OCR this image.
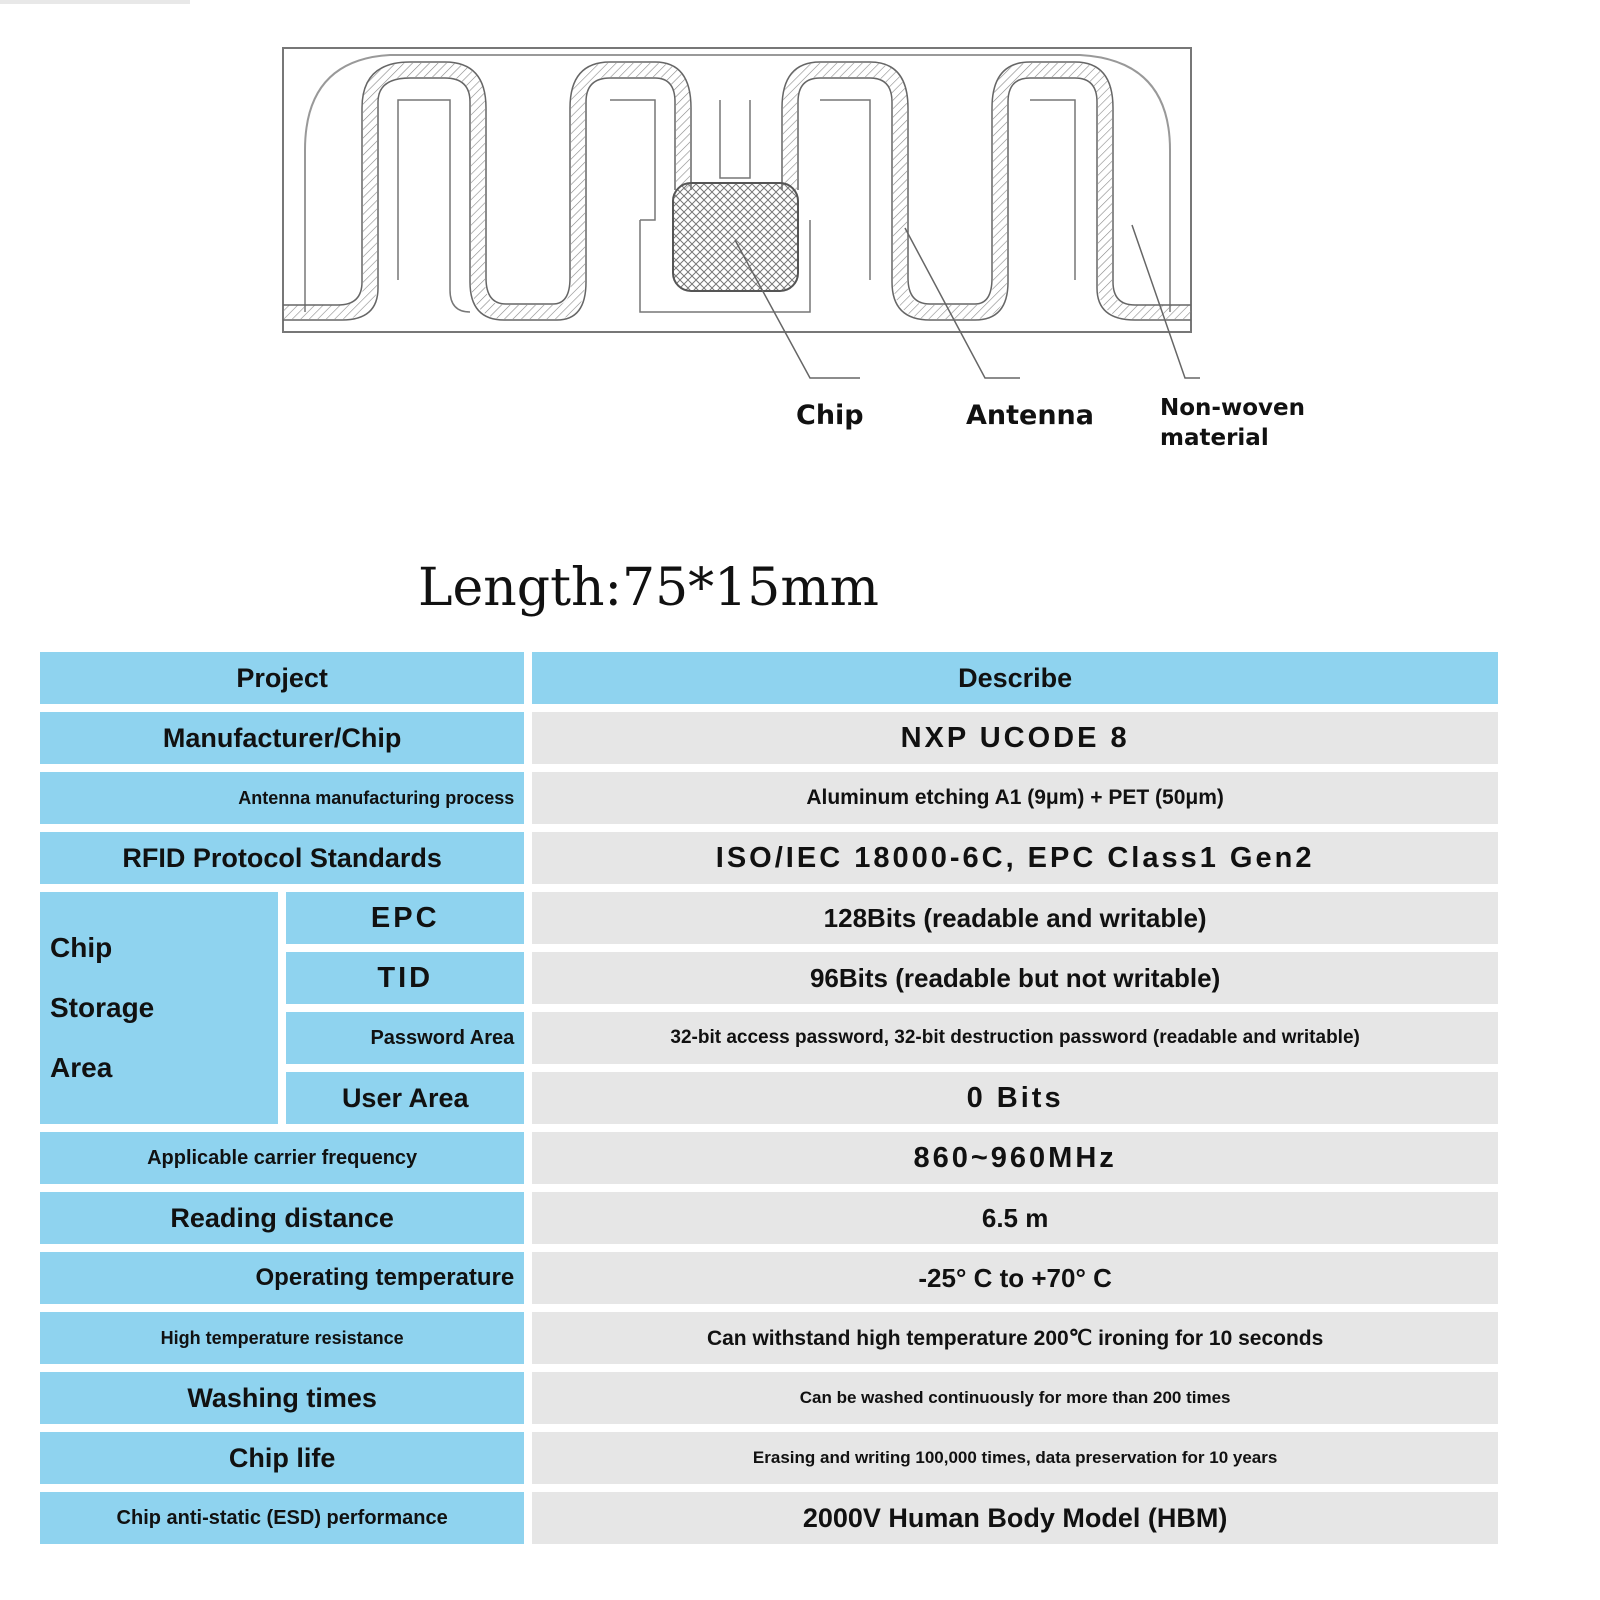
Chip	Antenna	Non-woven
material
Length:75*15mm
Project		Describe
Manufacturer/Chip		NXP UCODE 8
Antenna manufacturing process		Aluminum etching A1 (9μm) + PET (50μm)
RFID Protocol Standards		ISO/IEC 18000-6C, EPC Class1 Gen2
Chip
Storage
Area	EPC	128Bits (readable and writable)
	TID	96Bits (readable but not writable)
	Password Area	32-bit access password, 32-bit destruction password (readable and writable)
	User Area	0 Bits
Applicable carrier frequency		860~960MHz
Reading distance		6.5 m
Operating temperature		-25° C to +70° C
High temperature resistance		Can withstand high temperature 200℃ ironing for 10 seconds
Washing times		Can be washed continuously for more than 200 times
Chip life		Erasing and writing 100,000 times, data preservation for 10 years
Chip anti-static (ESD) performance		2000V Human Body Model (HBM)
